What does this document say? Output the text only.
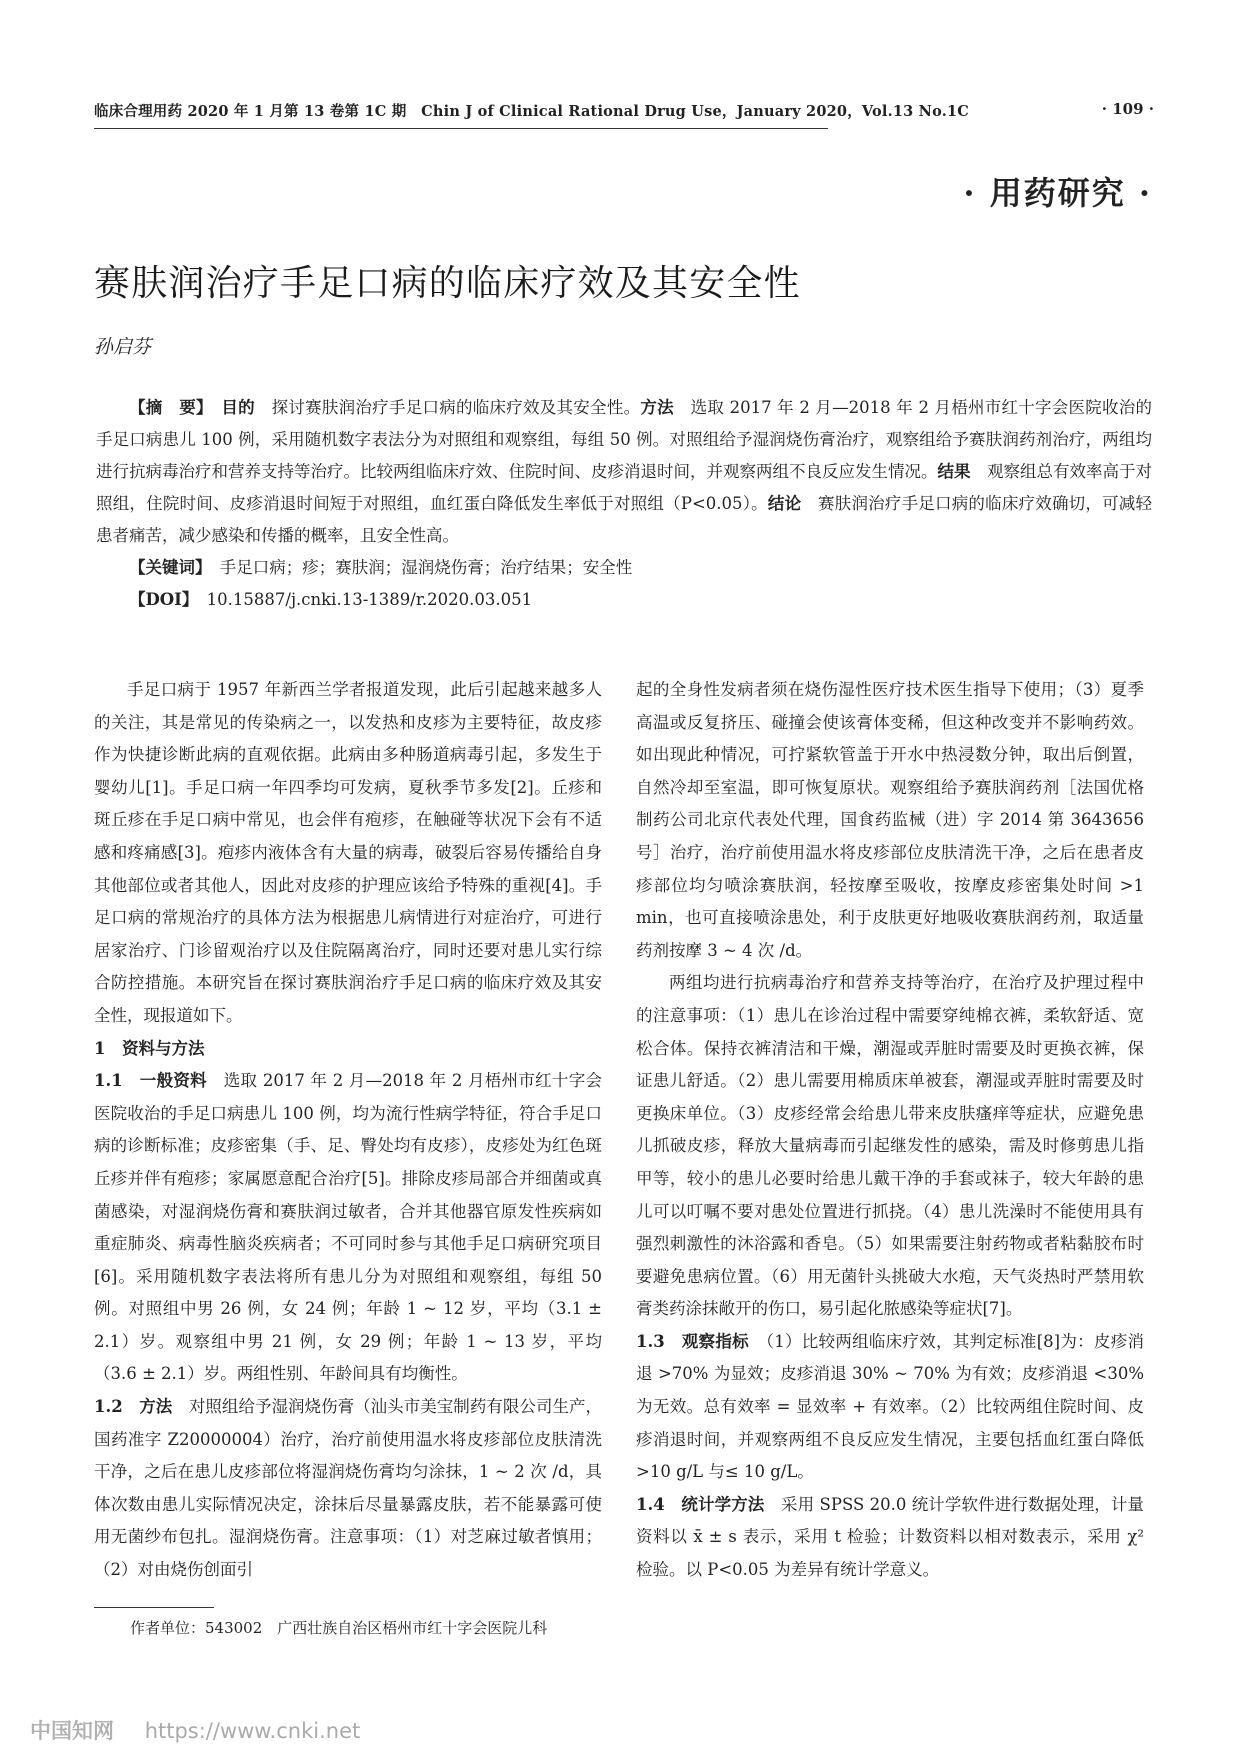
临床合理用药 2020 年 1 月第 13 卷第 1C 期　Chin J of Clinical Rational Drug Use，January 2020，Vol.13 No.1C	· 109 ·
· 用药研究 ·
赛肤润治疗手足口病的临床疗效及其安全性
孙启芬

【摘　要】　 目的　 探讨赛肤润治疗手足口病的临床疗效及其安全性。方法　 选取 2017 年 2 月—2018 年 2 月梧州市红十字会医院收治的手足口病患儿 100 例，采用随机数字表法分为对照组和观察组，每组 50 例。对照组给予湿润烧伤膏治疗，观察组给予赛肤润药剂治疗，两组均进行抗病毒治疗和营养支持等治疗。比较两组临床疗效、住院时间、皮疹消退时间，并观察两组不良反应发生情况。结果　 观察组总有效率高于对照组，住院时间、皮疹消退时间短于对照组，血红蛋白降低发生率低于对照组（P<0.05）。结论　 赛肤润治疗手足口病的临床疗效确切，可减轻患者痛苦，减少感染和传播的概率，且安全性高。

【关键词】　 手足口病；疹；赛肤润；湿润烧伤膏；治疗结果；安全性

【DOI】　 10.15887/j.cnki.13-1389/r.2020.03.051

手足口病于 1957 年新西兰学者报道发现，此后引起越来越多人的关注，其是常见的传染病之一，以发热和皮疹为主要特征，故皮疹作为快捷诊断此病的直观依据。此病由多种肠道病毒引起，多发生于婴幼儿[1]。手足口病一年四季均可发病，夏秋季节多发[2]。丘疹和斑丘疹在手足口病中常见，也会伴有疱疹，在触碰等状况下会有不适感和疼痛感[3]。疱疹内液体含有大量的病毒，破裂后容易传播给自身其他部位或者其他人，因此对皮疹的护理应该给予特殊的重视[4]。手足口病的常规治疗的具体方法为根据患儿病情进行对症治疗，可进行居家治疗、门诊留观治疗以及住院隔离治疗，同时还要对患儿实行综合防控措施。本研究旨在探讨赛肤润治疗手足口病的临床疗效及其安全性，现报道如下。

1　资料与方法

1.1　一般资料　 选取 2017 年 2 月—2018 年 2 月梧州市红十字会医院收治的手足口病患儿 100 例，均为流行性病学特征，符合手足口病的诊断标准；皮疹密集（手、足、臀处均有皮疹），皮疹处为红色斑丘疹并伴有疱疹；家属愿意配合治疗[5]。排除皮疹局部合并细菌或真菌感染，对湿润烧伤膏和赛肤润过敏者，合并其他器官原发性疾病如重症肺炎、病毒性脑炎疾病者；不可同时参与其他手足口病研究项目[6]。采用随机数字表法将所有患儿分为对照组和观察组，每组 50 例。对照组中男 26 例，女 24 例；年龄 1 ~ 12 岁，平均（3.1 ± 2.1）岁。观察组中男 21 例，女 29 例；年龄 1 ~ 13 岁，平均（3.6 ± 2.1）岁。两组性别、年龄间具有均衡性。

1.2　方法　 对照组给予湿润烧伤膏（汕头市美宝制药有限公司生产，国药准字 Z20000004）治疗，治疗前使用温水将皮疹部位皮肤清洗干净，之后在患儿皮疹部位将湿润烧伤膏均匀涂抹，1 ~ 2 次 /d，具体次数由患儿实际情况决定，涂抹后尽量暴露皮肤，若不能暴露可使用无菌纱布包扎。湿润烧伤膏。注意事项：（1）对芝麻过敏者慎用；（2）对由烧伤创面引

起的全身性发病者须在烧伤湿性医疗技术医生指导下使用；（3）夏季高温或反复挤压、碰撞会使该膏体变稀，但这种改变并不影响药效。如出现此种情况，可拧紧软管盖于开水中热浸数分钟，取出后倒置，自然冷却至室温，即可恢复原状。观察组给予赛肤润药剂［法国优格制药公司北京代表处代理，国食药监械（进）字 2014 第 3643656 号］治疗，治疗前使用温水将皮疹部位皮肤清洗干净，之后在患者皮疹部位均匀喷涂赛肤润，轻按摩至吸收，按摩皮疹密集处时间 >1 min，也可直接喷涂患处，利于皮肤更好地吸收赛肤润药剂，取适量药剂按摩 3 ~ 4 次 /d。

两组均进行抗病毒治疗和营养支持等治疗，在治疗及护理过程中的注意事项：（1）患儿在诊治过程中需要穿纯棉衣裤，柔软舒适、宽松合体。保持衣裤清洁和干燥，潮湿或弄脏时需要及时更换衣裤，保证患儿舒适。（2）患儿需要用棉质床单被套，潮湿或弄脏时需要及时更换床单位。（3）皮疹经常会给患儿带来皮肤瘙痒等症状，应避免患儿抓破皮疹，释放大量病毒而引起继发性的感染，需及时修剪患儿指甲等，较小的患儿必要时给患儿戴干净的手套或袜子，较大年龄的患儿可以叮嘱不要对患处位置进行抓挠。（4）患儿洗澡时不能使用具有强烈刺激性的沐浴露和香皂。（5）如果需要注射药物或者粘黏胶布时要避免患病位置。（6）用无菌针头挑破大水疱，天气炎热时严禁用软膏类药涂抹敞开的伤口，易引起化脓感染等症状[7]。

1.3　观察指标　 （1）比较两组临床疗效，其判定标准[8]为：皮疹消退 >70% 为显效；皮疹消退 30% ~ 70% 为有效；皮疹消退 <30% 为无效。总有效率 = 显效率 + 有效率。（2）比较两组住院时间、皮疹消退时间，并观察两组不良反应发生情况，主要包括血红蛋白降低 >10 g/L 与≤ 10 g/L。

1.4　统计学方法　 采用 SPSS 20.0 统计学软件进行数据处理，计量资料以 x̄ ± s 表示，采用 t 检验；计数资料以相对数表示，采用 χ² 检验。以 P<0.05 为差异有统计学意义。

作者单位：543002　广西壮族自治区梧州市红十字会医院儿科
中国知网 https://www.cnki.net
